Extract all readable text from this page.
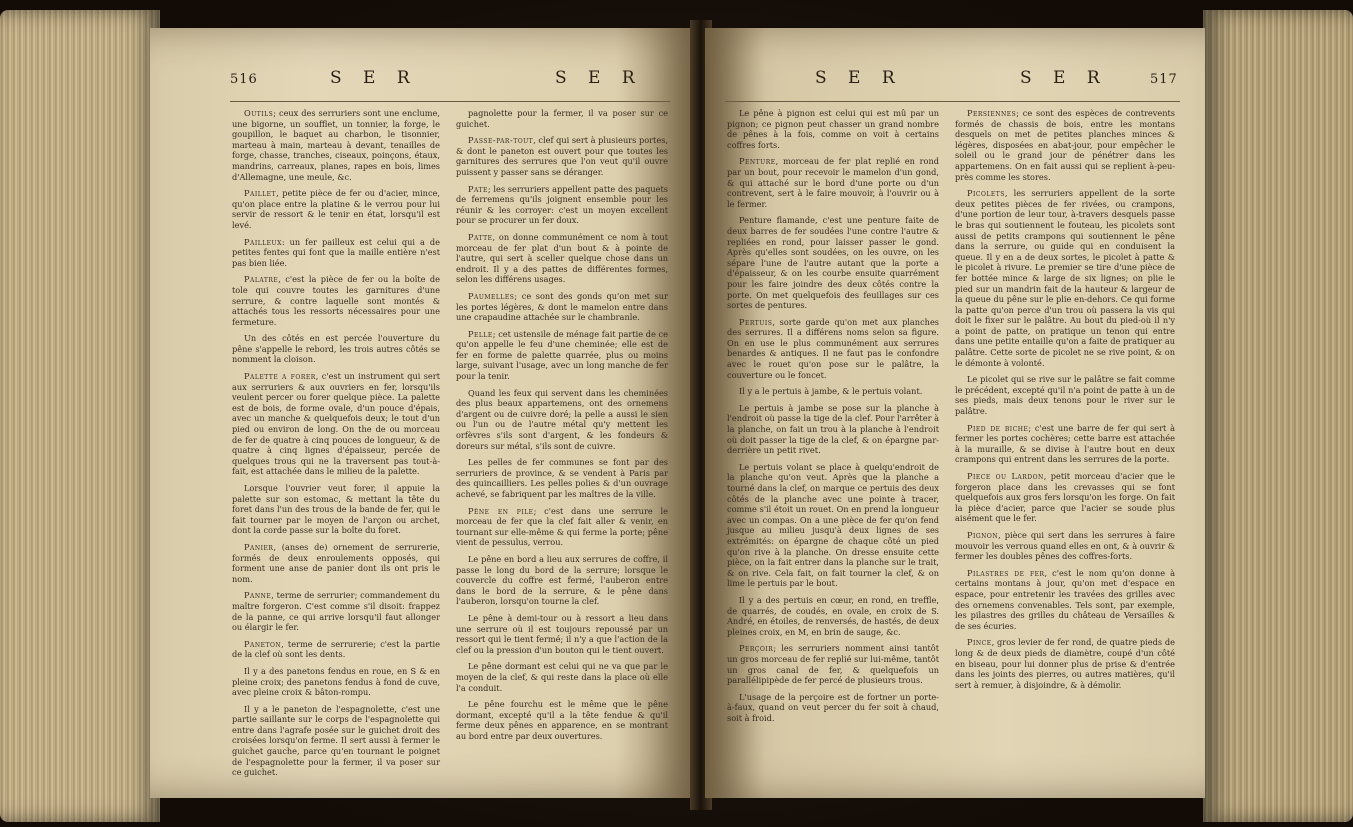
516	S E R	S E R

Outils; ceux des serruriers sont une enclume, une bigorne, un soufflet, un tonnier, la forge, le goupillon, le baquet au charbon, le tisonnier, marteau à main, marteau à devant, tenailles de forge, chasse, tranches, ciseaux, poinçons, étaux, mandrins, carreaux, planes, rapes en bois, limes d'Allemagne, une meule, &c.

Paillet, petite pièce de fer ou d'acier, mince, qu'on place entre la platine & le verrou pour lui servir de ressort & le tenir en état, lorsqu'il est levé.

Pailleux: un fer pailleux est celui qui a de petites fentes qui font que la maille entière n'est pas bien liée.

Palatre, c'est la pièce de fer ou la boîte de tole qui couvre toutes les garnitures d'une serrure, & contre laquelle sont montés & attachés tous les ressorts nécessaires pour une fermeture.

Un des côtés en est percée l'ouverture du pêne s'appelle le rebord, les trois autres côtés se nomment la cloison.

Palette a forer, c'est un instrument qui sert aux serruriers & aux ouvriers en fer, lorsqu'ils veulent percer ou forer quelque pièce. La palette est de bois, de forme ovale, d'un pouce d'épais, avec un manche & quelquefois deux; le tout d'un pied ou environ de long. On the de ou morceau de fer de quatre à cinq pouces de longueur, & de quatre à cinq lignes d'épaisseur, percée de quelques trous qui ne la traversent pas tout-à-fait, est attachée dans le milieu de la palette.

Lorsque l'ouvrier veut forer, il appuie la palette sur son estomac, & mettant la tête du foret dans l'un des trous de la bande de fer, qui le fait tourner par le moyen de l'arçon ou archet, dont la corde passe sur la boîte du foret.

Panier, (anses de) ornement de serrurerie, formés de deux enroulements opposés, qui forment une anse de panier dont ils ont pris le nom.

Panne, terme de serrurier; commandement du maître forgeron. C'est comme s'il disoit: frappez de la panne, ce qui arrive lorsqu'il faut allonger ou élargir le fer.

Paneton, terme de serrurerie; c'est la partie de la clef où sont les dents.

Il y a des panetons fendus en roue, en S & en pleine croix; des panetons fendus à fond de cuve, avec pleine croix & bâton-rompu.

Il y a le paneton de l'espagnolette, c'est une partie saillante sur le corps de l'espagnolette qui entre dans l'agrafe posée sur le guichet droit des croisées lorsqu'on ferme. Il sert aussi à fermer le guichet gauche, parce qu'en tournant le poignet de l'espagnolette pour la fermer, il va poser sur ce guichet.

pagnolette pour la fermer, il va poser sur ce guichet.

Passe-par-tout, clef qui sert à plusieurs portes, & dont le paneton est ouvert pour que toutes les garnitures des serrures que l'on veut qu'il ouvre puissent y passer sans se déranger.

Pate; les serruriers appellent patte des paquets de ferremens qu'ils joignent ensemble pour les réunir & les corroyer: c'est un moyen excellent pour se procurer un fer doux.

Patte, on donne communément ce nom à tout morceau de fer plat d'un bout & à pointe de l'autre, qui sert à sceller quelque chose dans un endroit. Il y a des pattes de différentes formes, selon les différens usages.

Paumelles; ce sont des gonds qu'on met sur les portes légères, & dont le mamelon entre dans une crapaudine attachée sur le chambranle.

Pelle; cet ustensile de ménage fait partie de ce qu'on appelle le feu d'une cheminée; elle est de fer en forme de palette quarrée, plus ou moins large, suivant l'usage, avec un long manche de fer pour la tenir.

Quand les feux qui servent dans les cheminées des plus beaux appartemens, ont des ornemens d'argent ou de cuivre doré; la pelle a aussi le sien ou l'un ou de l'autre métal qu'y mettent les orfèvres s'ils sont d'argent, & les fondeurs & doreurs sur métal, s'ils sont de cuivre.

Les pelles de fer communes se font par des serruriers de province, & se vendent à Paris par des quincailliers. Les pelles polies & d'un ouvrage achevé, se fabriquent par les maîtres de la ville.

Pêne en pile; c'est dans une serrure le morceau de fer que la clef fait aller & venir, en tournant sur elle-même & qui ferme la porte; pêne vient de pessulus, verrou.

Le pêne en bord a lieu aux serrures de coffre, il passe le long du bord de la serrure; lorsque le couvercle du coffre est fermé, l'auberon entre dans le bord de la serrure, & le pêne dans l'auberon, lorsqu'on tourne la clef.

Le pêne à demi-tour ou à ressort a lieu dans une serrure où il est toujours repoussé par un ressort qui le tient fermé; il n'y a que l'action de la clef ou la pression d'un bouton qui le tient ouvert.

Le pêne dormant est celui qui ne va que par le moyen de la clef, & qui reste dans la place où elle l'a conduit.

Le pêne fourchu est le même que le pêne dormant, excepté qu'il a la tête fendue & qu'il ferme deux pênes en apparence, en se montrant au bord entre par deux ouvertures.

S E R	S E R	517

Le pêne à pignon est celui qui est mû par un pignon; ce pignon peut chasser un grand nombre de pênes à la fois, comme on voit à certains coffres forts.

Penture, morceau de fer plat replié en rond par un bout, pour recevoir le mamelon d'un gond, & qui attaché sur le bord d'une porte ou d'un contrevent, sert à le faire mouvoir, à l'ouvrir ou à le fermer.

Penture flamande, c'est une penture faite de deux barres de fer soudées l'une contre l'autre & repliées en rond, pour laisser passer le gond. Après qu'elles sont soudées, on les ouvre, on les sépare l'une de l'autre autant que la porte a d'épaisseur, & on les courbe ensuite quarrément pour les faire joindre des deux côtés contre la porte. On met quelquefois des feuillages sur ces sortes de pentures.

Pertuis, sorte garde qu'on met aux planches des serrures. Il a différens noms selon sa figure. On en use le plus communément aux serrures benardes & antiques. Il ne faut pas le confondre avec le rouet qu'on pose sur le palâtre, la couverture ou le foncet.

Il y a le pertuis à jambe, & le pertuis volant.

Le pertuis à jambe se pose sur la planche à l'endroit où passe la tige de la clef. Pour l'arrêter à la planche, on fait un trou à la planche à l'endroit où doit passer la tige de la clef, & on épargne par-derrière un petit rivet.

Le pertuis volant se place à quelqu'endroit de la planche qu'on veut. Après que la planche a tourné dans la clef, on marque ce pertuis des deux côtés de la planche avec une pointe à tracer, comme s'il étoit un rouet. On en prend la longueur avec un compas. On a une pièce de fer qu'on fend jusque au milieu jusqu'à deux lignes de ses extrémités: on épargne de chaque côté un pied qu'on rive à la planche. On dresse ensuite cette pièce, on la fait entrer dans la planche sur le trait, & on rive. Cela fait, on fait tourner la clef, & on lime le pertuis par le bout.

Il y a des pertuis en cœur, en rond, en treffle, de quarrés, de coudés, en ovale, en croix de S. André, en étoiles, de renversés, de hastés, de deux pleines croix, en M, en brin de sauge, &c.

Perçoir; les serruriers nomment ainsi tantôt un gros morceau de fer replié sur lui-même, tantôt un gros canal de fer, & quelquefois un parallélipipède de fer percé de plusieurs trous.

L'usage de la perçoire est de fortner un porte-à-faux, quand on veut percer du fer soit à chaud, soit à froid.

Persiennes; ce sont des espèces de contrevents formés de chassis de bois, entre les montans desquels on met de petites planches minces & légères, disposées en abat-jour, pour empêcher le soleil ou le grand jour de pénétrer dans les appartemens. On en fait aussi qui se replient à-peu-près comme les stores.

Picolets, les serruriers appellent de la sorte deux petites pièces de fer rivées, ou crampons, d'une portion de leur tour, à-travers desquels passe le bras qui soutiennent le fouteau, les picolets sont aussi de petits crampons qui soutiennent le pêne dans la serrure, ou guide qui en conduisent la queue. Il y en a de deux sortes, le picolet à patte & le picolet à rivure. Le premier se tire d'une pièce de fer bottée mince & large de six lignes; on plie le pied sur un mandrin fait de la hauteur & largeur de la queue du pêne sur le plie en-dehors. Ce qui forme la patte qu'on perce d'un trou où passera la vis qui doit le fixer sur le palâtre. Au bout du pied-où il n'y a point de patte, on pratique un tenon qui entre dans une petite entaille qu'on a faite de pratiquer au palâtre. Cette sorte de picolet ne se rive point, & on le démonte à volonté.

Le picolet qui se rive sur le palâtre se fait comme le précédent, excepté qu'il n'a point de patte à un de ses pieds, mais deux tenons pour le river sur le palâtre.

Pied de biche; c'est une barre de fer qui sert à fermer les portes cochères; cette barre est attachée à la muraille, & se divise à l'autre bout en deux crampons qui entrent dans les serrures de la porte.

Piece ou Lardon, petit morceau d'acier que le forgeron place dans les crevasses qui se font quelquefois aux gros fers lorsqu'on les forge. On fait la pièce d'acier, parce que l'acier se soude plus aisément que le fer.

Pignon, pièce qui sert dans les serrures à faire mouvoir les verrous quand elles en ont, & à ouvrir & fermer les doubles pênes des coffres-forts.

Pilastres de fer, c'est le nom qu'on donne à certains montans à jour, qu'on met d'espace en espace, pour entretenir les travées des grilles avec des ornemens convenables. Tels sont, par exemple, les pilastres des grilles du château de Versailles & de ses écuries.

Pince, gros levier de fer rond, de quatre pieds de long & de deux pieds de diamètre, coupé d'un côté en biseau, pour lui donner plus de prise & d'entrée dans les joints des pierres, ou autres matières, qu'il sert à remuer, à disjoindre, & à démolir.
